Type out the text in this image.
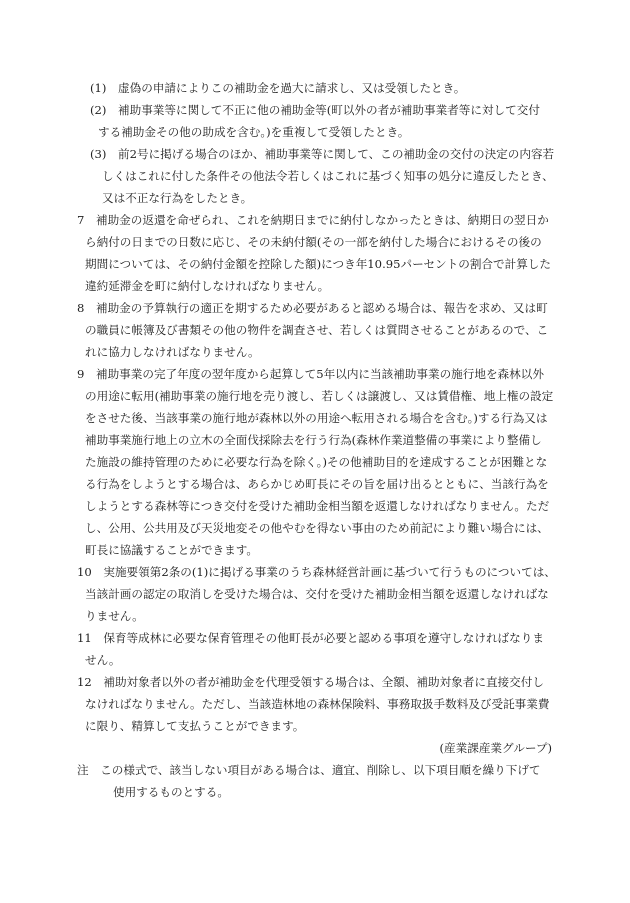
(1)　虚偽の申請によりこの補助金を過大に請求し、又は受領したとき。
(2)　補助事業等に関して不正に他の補助金等(町以外の者が補助事業者等に対して交付
する補助金その他の助成を含む。)を重複して受領したとき。
(3)　前2号に掲げる場合のほか、補助事業等に関して、この補助金の交付の決定の内容若
しくはこれに付した条件その他法令若しくはこれに基づく知事の処分に違反したとき、
又は不正な行為をしたとき。
7　補助金の返還を命ぜられ、これを納期日までに納付しなかったときは、納期日の翌日か
ら納付の日までの日数に応じ、その未納付額(その一部を納付した場合におけるその後の
期間については、その納付金額を控除した額)につき年10.95パーセントの割合で計算した
違約延滞金を町に納付しなければなりません。
8　補助金の予算執行の適正を期するため必要があると認める場合は、報告を求め、又は町
の職員に帳簿及び書類その他の物件を調査させ、若しくは質問させることがあるので、こ
れに協力しなければなりません。
9　補助事業の完了年度の翌年度から起算して5年以内に当該補助事業の施行地を森林以外
の用途に転用(補助事業の施行地を売り渡し、若しくは譲渡し、又は賃借権、地上権の設定
をさせた後、当該事業の施行地が森林以外の用途へ転用される場合を含む。)する行為又は
補助事業施行地上の立木の全面伐採除去を行う行為(森林作業道整備の事業により整備し
た施設の維持管理のために必要な行為を除く。)その他補助目的を達成することが困難とな
る行為をしようとする場合は、あらかじめ町長にその旨を届け出るとともに、当該行為を
しようとする森林等につき交付を受けた補助金相当額を返還しなければなりません。ただ
し、公用、公共用及び天災地変その他やむを得ない事由のため前記により難い場合には、
町長に協議することができます。
10　実施要領第2条の(1)に掲げる事業のうち森林経営計画に基づいて行うものについては、
当該計画の認定の取消しを受けた場合は、交付を受けた補助金相当額を返還しなければな
りません。
11　保育等成林に必要な保育管理その他町長が必要と認める事項を遵守しなければなりま
せん。
12　補助対象者以外の者が補助金を代理受領する場合は、全額、補助対象者に直接交付し
なければなりません。ただし、当該造林地の森林保険料、事務取扱手数料及び受託事業費
に限り、精算して支払うことができます。
(産業課産業グループ)
注　この様式で、該当しない項目がある場合は、適宜、削除し、以下項目順を繰り下げて
使用するものとする。
